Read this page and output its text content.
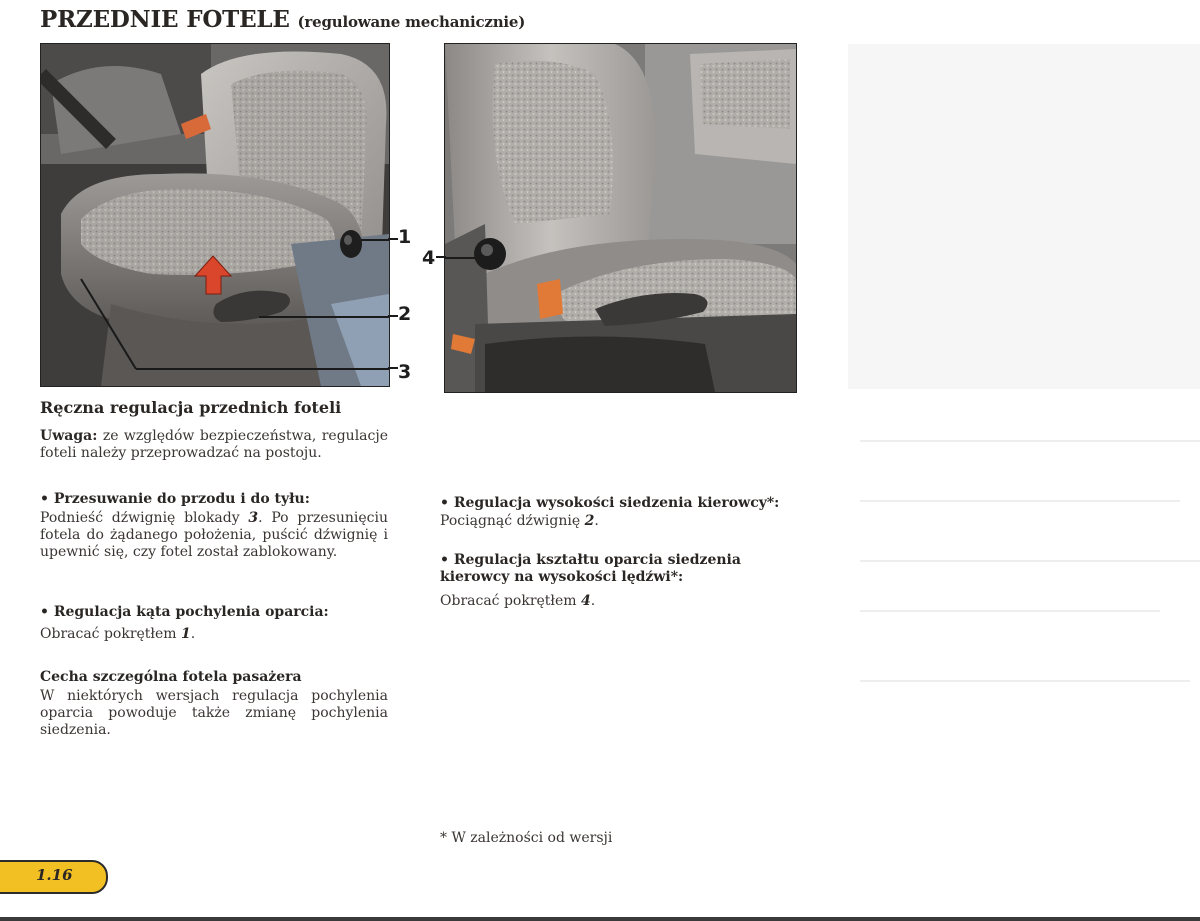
PRZEDNIE FOTELE (regulowane mechanicznie)
1
2
3
4
Ręczna regulacja przednich foteli

Uwaga: ze względów bezpieczeństwa, regulacje foteli należy przeprowadzać na postoju.

• Przesuwanie do przodu i do tyłu:

Podnieść dźwignię blokady 3. Po przesunięciu fotela do żądanego położenia, puścić dźwignię i upewnić się, czy fotel został zablokowany.

• Regulacja kąta pochylenia oparcia:

Obracać pokrętłem 1.

Cecha szczególna fotela pasażera

W niektórych wersjach regulacja pochylenia oparcia powoduje także zmianę pochylenia siedzenia.

• Regulacja wysokości siedzenia kierowcy*:

Pociągnąć dźwignię 2.

• Regulacja kształtu oparcia siedzenia kierowcy na wysokości lędźwi*:

Obracać pokrętłem 4.

* W zależności od wersji

1.16
